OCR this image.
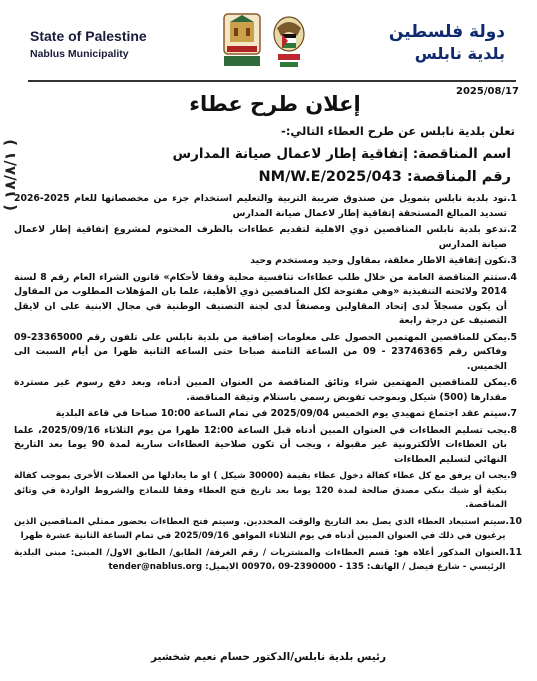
( ١٨/٨/١ )
State of Palestine
Nablus Municipality
دولة فلسطين
بلدية نابلس
2025/08/17
إعلان طرح عطاء
تعلن بلدية نابلس عن طرح العطاء التالي:-
اسم المناقصة: إتفاقية إطار لاعمال صيانة المدارس
رقم المناقصة: NM/W.E/2025/043
.1
تود بلدية نابلس بتمويل من صندوق ضريبة التربية والتعليم استخدام جزء من مخصصاتها للعام 2025-2026 تسديد المبالغ المستحقة إتفاقية إطار لاعمال صيانة المدارس
.2
تدعو بلدية نابلس المناقصين ذوي الاهلية لتقديم عطاءات بالظرف المختوم لمشروع إتفاقية إطار لاعمال صيانة المدارس
.3
تكون إتفاقية الاطار مغلقة، بمقاول وحيد ومستخدم وحيد
.4
ستتم المناقصة العامة من خلال طلب عطاءات تنافسية محلية وفقا لأحكام» قانون الشراء العام رقم 8 لسنة 2014 ولائحته التنفيذية «وهي مفتوحة لكل المناقصين ذوي الأهلية، علما بان المؤهلات المطلوب من المقاول أن يكون مسجلاً لدى إتحاد المقاولين ومصنفاً لدى لجنة التصنيف الوطنية في مجال الابنية على ان لايقل التصنيف عن درجة رابعة
.5
يمكن للمناقصين المهتمين الحصول على معلومات إضافية من بلدية نابلس على تلفون رقم 23365000-09 وفاكس رقم 23746365 - 09 من الساعة الثامنة صباحا حتى الساعه الثانية ظهرا من أيام السبت الى الخميس.
.6
يمكن للمناقصين المهتمين شراء وثائق المناقصة من العنوان المبين أدناه، وبعد دفع رسوم غير مستردة مقدارها (500) شيكل وبموجب تفويض رسمي باستلام وثيقة المناقصة.
.7
سيتم عقد اجتماع تمهيدي يوم الخميس 2025/09/04 في تمام الساعة 10:00 صباحا في قاعة البلدية
.8
يجب تسليم العطاءات في العنوان المبين أدناه قبل الساعة 12:00 ظهرا من يوم الثلاثاء 2025/09/16، علما بان العطاءات الألكترونية غير مقبولة ، ويجب أن تكون صلاحية العطاءات سارية لمدة 90 يوما بعد التاريخ النهائي لتسليم العطاءات
.9
يجب ان يرفق مع كل عطاء كفالة دخول عطاء بقيمة (30000 شيكل ) او ما يعادلها من العملات الأخرى بموجب كفالة بنكية أو شيك بنكي مصدق صالحة لمدة 120 يوما بعد تاريخ فتح العطاء وفقا للنماذج والشروط الواردة في وثائق المناقصة.
.10
سيتم استبعاد العطاء الذي يصل بعد التاريخ والوقت المحددين. وسيتم فتح العطاءات بحضور ممثلي المناقصين الذين يرغبون في ذلك في العنوان المبين أدناه في يوم الثلاثاء الموافق 2025/09/16 في تمام الساعة الثانية عشرة ظهرا
.11
العنوان المذكور أعلاه هو: قسم العطاءات والمشتريات / رقم الغرفة/ الطابق/ الطابق الاول/ المبنى: مبنى البلدية الرئيسي - شارع فيصل / الهاتف: 135 - 2390000-09 ،00970 الايميل: tender@nablus.org
رئيس بلدية نابلس/الدكتور حسام نعيم شخشير
